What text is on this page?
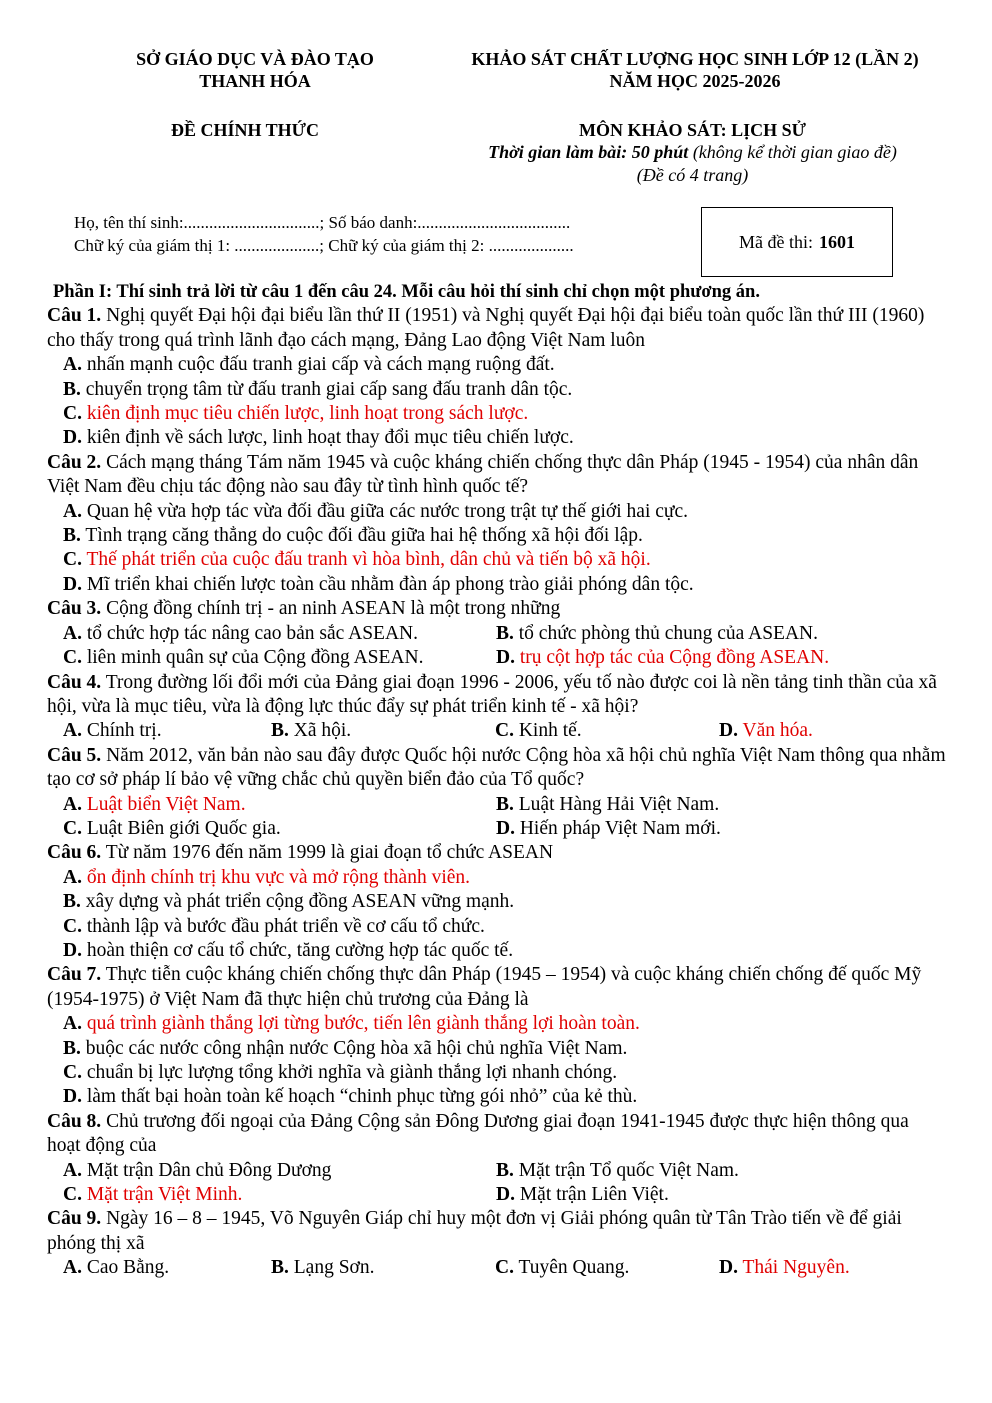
SỞ GIÁO DỤC VÀ ĐÀO TẠO
THANH HÓA
KHẢO SÁT CHẤT LƯỢNG HỌC SINH LỚP 12 (LẦN 2)
NĂM HỌC 2025-2026
ĐỀ CHÍNH THỨC	MÔN KHẢO SÁT: LỊCH SỬ
Thời gian làm bài: 50 phút (không kể thời gian giao đề)
(Đề có 4 trang)
Họ, tên thí sinh:................................; Số báo danh:....................................
Chữ ký của giám thị 1: ....................; Chữ ký của giám thị 2: ....................	Mã đề thi: 1601
Phần I: Thí sinh trả lời từ câu 1 đến câu 24. Mỗi câu hỏi thí sinh chỉ chọn một phương án.
Câu 1. Nghị quyết Đại hội đại biểu lần thứ II (1951) và Nghị quyết Đại hội đại biểu toàn quốc lần thứ III (1960) cho thấy trong quá trình lãnh đạo cách mạng, Đảng Lao động Việt Nam luôn
A. nhấn mạnh cuộc đấu tranh giai cấp và cách mạng ruộng đất.
B. chuyển trọng tâm từ đấu tranh giai cấp sang đấu tranh dân tộc.
C. kiên định mục tiêu chiến lược, linh hoạt trong sách lược.
D. kiên định về sách lược, linh hoạt thay đổi mục tiêu chiến lược.
Câu 2. Cách mạng tháng Tám năm 1945 và cuộc kháng chiến chống thực dân Pháp (1945 - 1954) của nhân dân Việt Nam đều chịu tác động nào sau đây từ tình hình quốc tế?
A. Quan hệ vừa hợp tác vừa đối đầu giữa các nước trong trật tự thế giới hai cực.
B. Tình trạng căng thẳng do cuộc đối đầu giữa hai hệ thống xã hội đối lập.
C. Thế phát triển của cuộc đấu tranh vì hòa bình, dân chủ và tiến bộ xã hội.
D. Mĩ triển khai chiến lược toàn cầu nhằm đàn áp phong trào giải phóng dân tộc.
Câu 3. Cộng đồng chính trị - an ninh ASEAN là một trong những
A. tổ chức hợp tác nâng cao bản sắc ASEAN.	B. tổ chức phòng thủ chung của ASEAN.
C. liên minh quân sự của Cộng đồng ASEAN.	D. trụ cột hợp tác của Cộng đồng ASEAN.
Câu 4. Trong đường lối đổi mới của Đảng giai đoạn 1996 - 2006, yếu tố nào được coi là nền tảng tinh thần của xã hội, vừa là mục tiêu, vừa là động lực thúc đẩy sự phát triển kinh tế - xã hội?
A. Chính trị.	B. Xã hội.	C. Kinh tế.	D. Văn hóa.
Câu 5. Năm 2012, văn bản nào sau đây được Quốc hội nước Cộng hòa xã hội chủ nghĩa Việt Nam thông qua nhằm tạo cơ sở pháp lí bảo vệ vững chắc chủ quyền biển đảo của Tổ quốc?
A. Luật biển Việt Nam.	B. Luật Hàng Hải Việt Nam.
C. Luật Biên giới Quốc gia.	D. Hiến pháp Việt Nam mới.
Câu 6. Từ năm 1976 đến năm 1999 là giai đoạn tổ chức ASEAN
A. ổn định chính trị khu vực và mở rộng thành viên.
B. xây dựng và phát triển cộng đồng ASEAN vững mạnh.
C. thành lập và bước đầu phát triển về cơ cấu tổ chức.
D. hoàn thiện cơ cấu tổ chức, tăng cường hợp tác quốc tế.
Câu 7. Thực tiễn cuộc kháng chiến chống thực dân Pháp (1945 – 1954) và cuộc kháng chiến chống đế quốc Mỹ (1954-1975) ở Việt Nam đã thực hiện chủ trương của Đảng là
A. quá trình giành thắng lợi từng bước, tiến lên giành thắng lợi hoàn toàn.
B. buộc các nước công nhận nước Cộng hòa xã hội chủ nghĩa Việt Nam.
C. chuẩn bị lực lượng tổng khởi nghĩa và giành thắng lợi nhanh chóng.
D. làm thất bại hoàn toàn kế hoạch “chinh phục từng gói nhỏ” của kẻ thù.
Câu 8. Chủ trương đối ngoại của Đảng Cộng sản Đông Dương giai đoạn 1941-1945 được thực hiện thông qua hoạt động của
A. Mặt trận Dân chủ Đông Dương	B. Mặt trận Tổ quốc Việt Nam.
C. Mặt trận Việt Minh.	D. Mặt trận Liên Việt.
Câu 9. Ngày 16 – 8 – 1945, Võ Nguyên Giáp chỉ huy một đơn vị Giải phóng quân từ Tân Trào tiến về để giải phóng thị xã
A. Cao Bằng.	B. Lạng Sơn.	C. Tuyên Quang.	D. Thái Nguyên.
